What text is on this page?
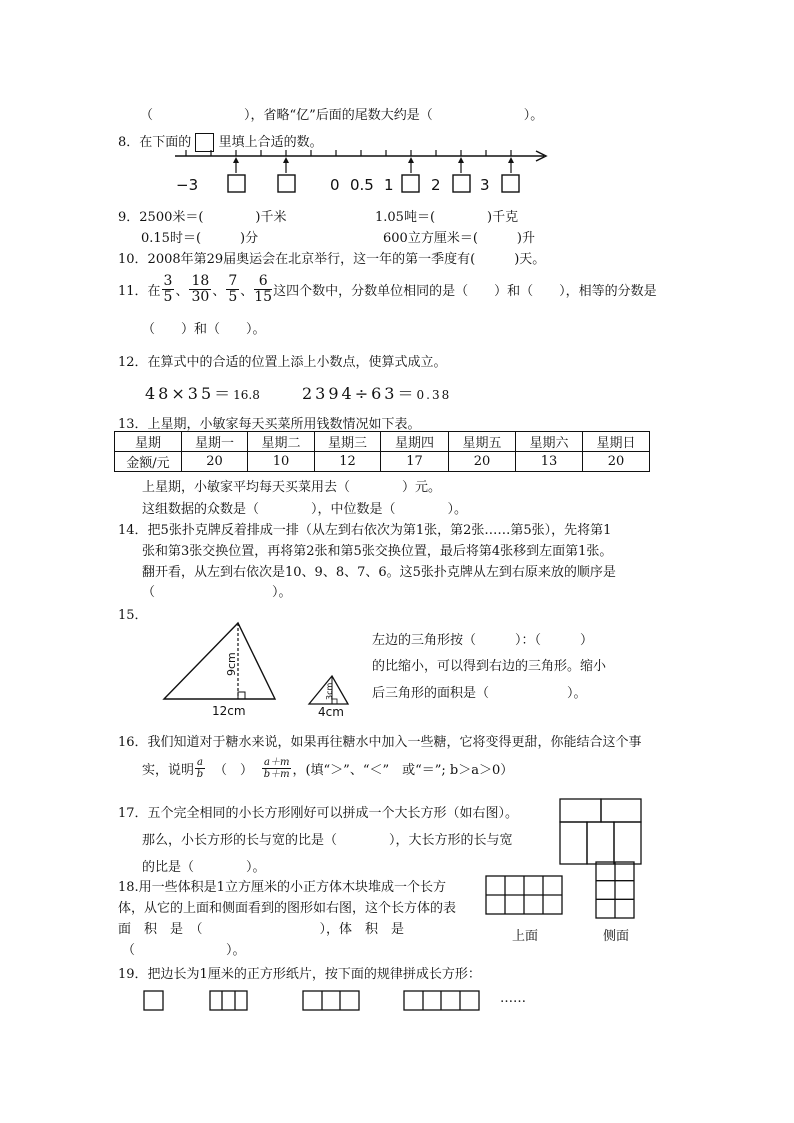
（　　　　　　　），省略“亿”后面的尾数大约是（　　　　　　　）。
8．在下面的 里填上合适的数。
−3	0 0.5 1 2	3
9．2500米＝(　　　　)千米	1.05吨＝(　　　　)千克
0.15时＝(　　　)分	600立方厘米＝(　　　)升
10．2008年第29届奥运会在北京举行，这一年的第一季度有(　　　)天。
11．在 $\frac{3}{5}$ 、 $\frac{18}{30}$ 、 $\frac{7}{5}$ 、 $\frac{6}{15}$ 这四个数中，分数单位相同的是（　　）和（　　），相等的分数是
（　　）和（　　）。
12．在算式中的合适的位置上添上小数点，使算式成立。
48×35＝16.8	2394÷63＝0.38
13．上星期，小敏家每天买菜所用钱数情况如下表。
星期	星期一	星期二	星期三	星期四	星期五	星期六	星期日
金额/元	20	10	12	17	20	13	20
上星期，小敏家平均每天买菜用去（　　　　）元。
这组数据的众数是（　　　　），中位数是（　　　　）。
14．把5张扑克牌反着排成一排（从左到右依次为第1张，第2张……第5张），先将第1
张和第3张交换位置，再将第2张和第5张交换位置，最后将第4张移到左面第1张。
翻开看，从左到右依次是10、9、8、7、6。这5张扑克牌从左到右原来放的顺序是
（　　　　　　　　　）。
15．
9cm
12cm
3cm
4cm
左边的三角形按（　　　）：（　　　）
的比缩小，可以得到右边的三角形。缩小
后三角形的面积是（　　　　　　）。
16．我们知道对于糖水来说，如果再往糖水中加入一些糖，它将变得更甜，你能结合这个事
实，说明 $\frac{a}{b}$ （　） $\frac{a+m}{b+m}$ ，(填“＞”、“＜”　或“＝”; b＞a＞0）
17．五个完全相同的小长方形刚好可以拼成一个大长方形（如右图）。
那么，小长方形的长与宽的比是（　　　　），大长方形的长与宽
的比是（　　　　）。
18.用一些体积是1立方厘米的小正方体木块堆成一个长方
体，从它的上面和侧面看到的图形如右图，这个长方体的表
面　积　是　（　　　　　　　　　），体　积　是
（　　　　　　　）。
上面	侧面
19．把边长为1厘米的正方形纸片，按下面的规律拼成长方形：
……
